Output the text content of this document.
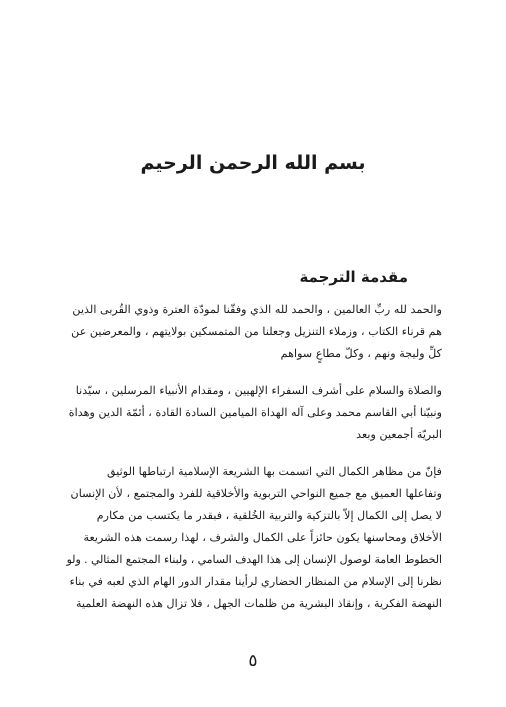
بسم الله الرحمن الرحيم
مقدمة الترجمة
والحمد لله ربِّ العالمين ، والحمد لله الذي وفقّنا لمودّة العترة وذوي القُربى الذين
هم قرناء الكتاب ، وزملاء التنزيل وجعلنا من المتمسكين بولايتهم ، والمعرضين عن
كلِّ وليجة ونهم ، وكلّ مطاعٍ سواهم
والصلاة والسلام على أشرف السفراء الإلهيين ، ومقدام الأنبياء المرسلين ، سيّدنا
ونبيّنا أبي القاسم محمد وعلى آله الهداة الميامين السادة القادة ، أئمّة الدين وهداة
البريّة أجمعين وبعد
فإنّ من مظاهر الكمال التي اتسمت بها الشريعة الإسلامية ارتباطها الوثيق
وتفاعلها العميق مع جميع النواحي التربوية والأخلاقية للفرد والمجتمع ، لأن الإنسان
لا يصل إلى الكمال إلاّ بالتزكية والتربية الخُلقية ، فبقدر ما يكتسب من مكارم
الأخلاق ومحاسنها يكون حائزاً على الكمال والشرف ، لهذا رسمت هذه الشريعة
الخطوط العامة لوصول الإنسان إلى هذا الهدف السامي ، ولبناء المجتمع المثالي . ولو
نظرنا إلى الإسلام من المنظار الحضاري لرأينا مقدار الدور الهام الذي لعبه في بناء
النهضة الفكرية ، وإنقاذ البشرية من ظلمات الجهل ، فلا تزال هذه النهضة العلمية
٥
